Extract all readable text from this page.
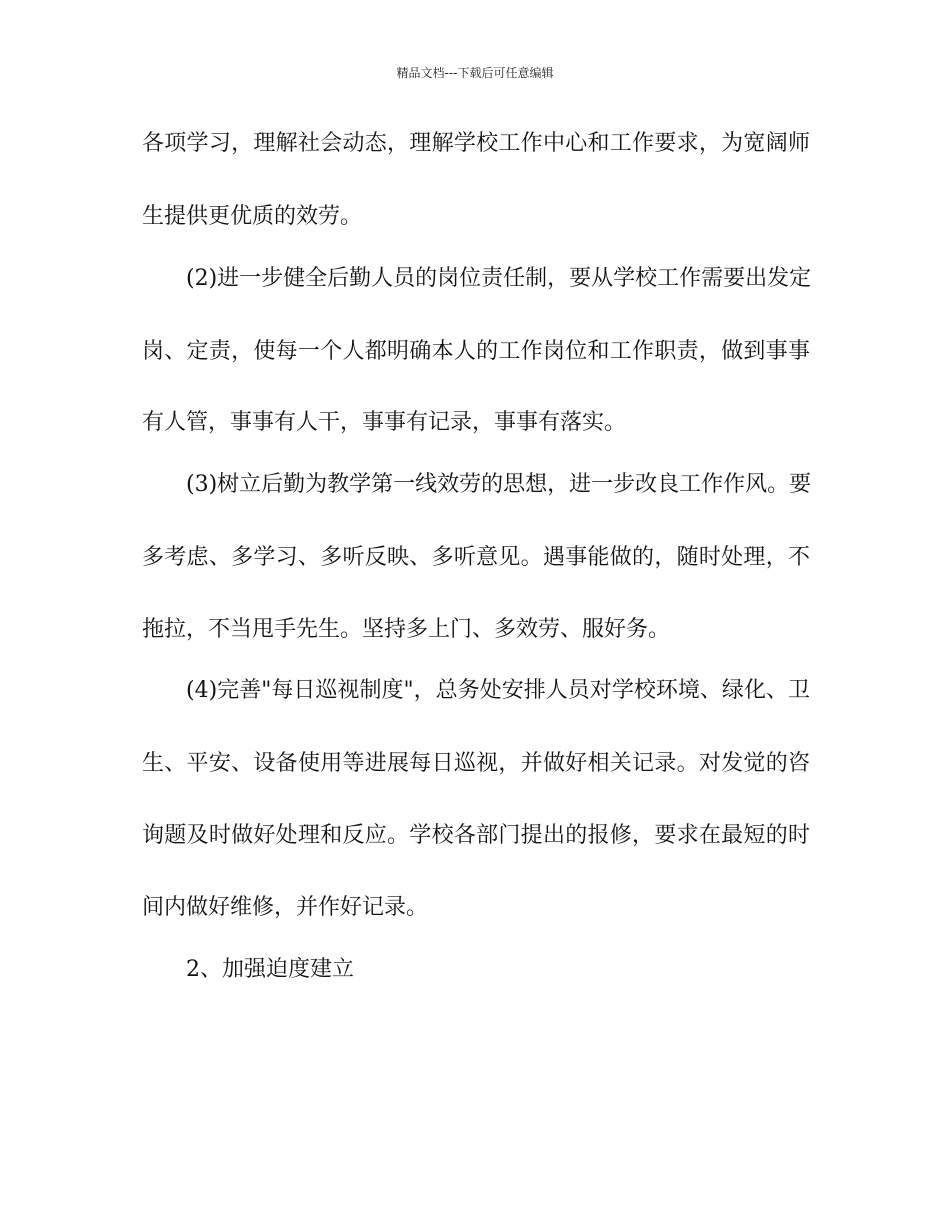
精品文档---下载后可任意编辑
各项学习，理解社会动态，理解学校工作中心和工作要求，为宽阔师
生提供更优质的效劳。
(2)进一步健全后勤人员的岗位责任制，要从学校工作需要出发定
岗、定责，使每一个人都明确本人的工作岗位和工作职责，做到事事
有人管，事事有人干，事事有记录，事事有落实。
(3)树立后勤为教学第一线效劳的思想，进一步改良工作作风。要
多考虑、多学习、多听反映、多听意见。遇事能做的，随时处理，不
拖拉，不当甩手先生。坚持多上门、多效劳、服好务。
(4)完善"每日巡视制度"，总务处安排人员对学校环境、绿化、卫
生、平安、设备使用等进展每日巡视，并做好相关记录。对发觉的咨
询题及时做好处理和反应。学校各部门提出的报修，要求在最短的时
间内做好维修，并作好记录。
2、加强迫度建立
